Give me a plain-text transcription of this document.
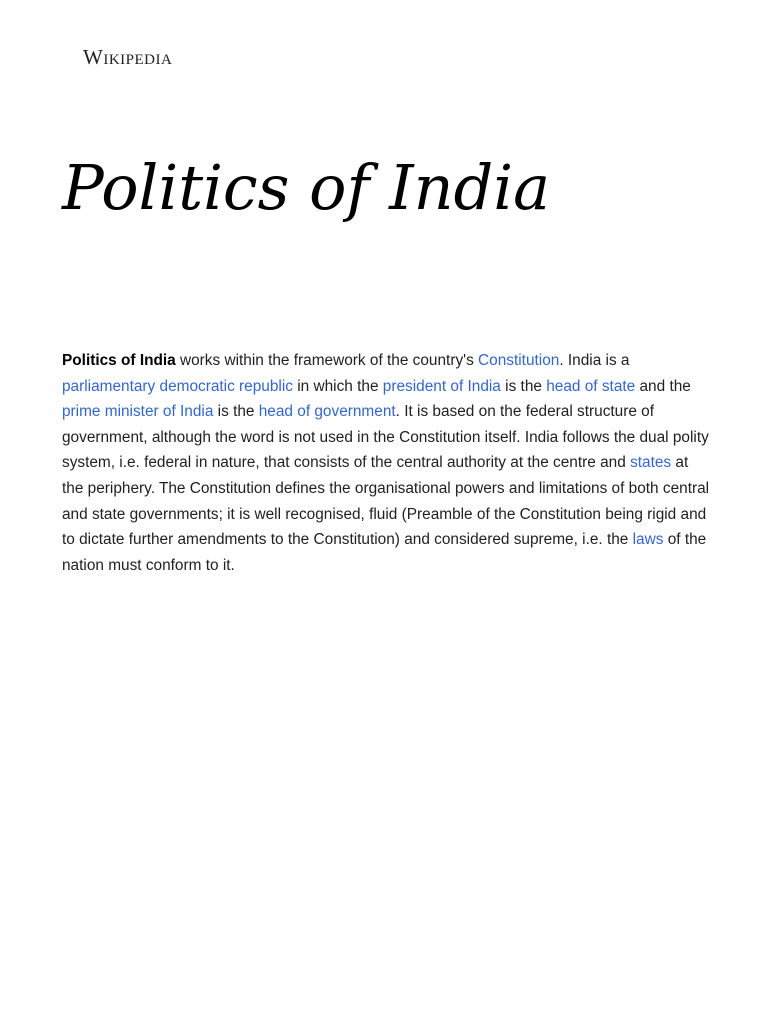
Wikipedia
Politics of India

Politics of India works within the framework of the country's Constitution. India is a parliamentary democratic republic in which the president of India is the head of state and the prime minister of India is the head of government. It is based on the federal structure of government, although the word is not used in the Constitution itself. India follows the dual polity system, i.e. federal in nature, that consists of the central authority at the centre and states at the periphery. The Constitution defines the organisational powers and limitations of both central and state governments; it is well recognised, fluid (Preamble of the Constitution being rigid and to dictate further amendments to the Constitution) and considered supreme, i.e. the laws of the nation must conform to it.
